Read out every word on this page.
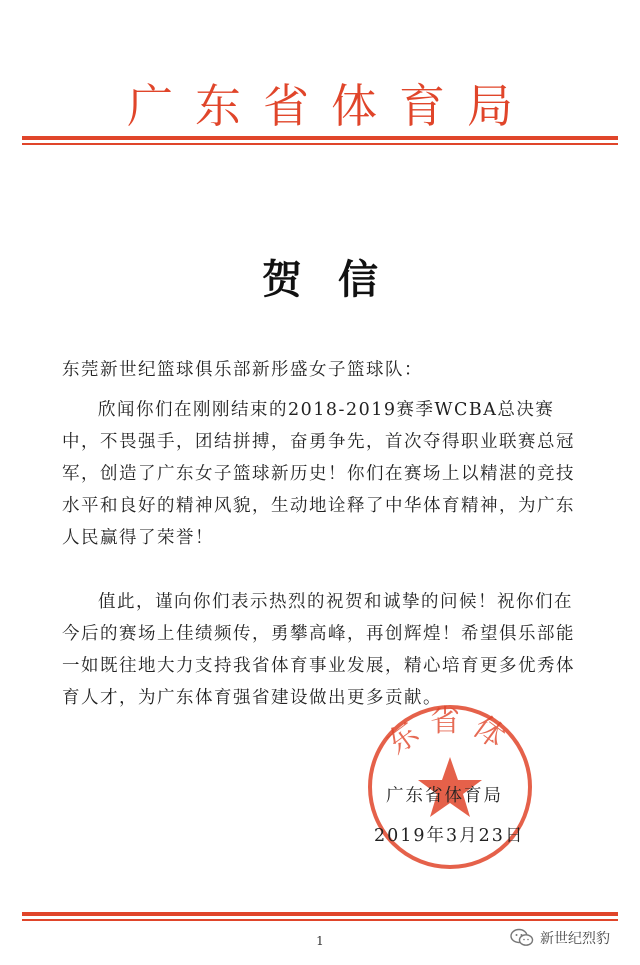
广东省体育局
贺信
东莞新世纪篮球俱乐部新彤盛女子篮球队：
欣闻你们在刚刚结束的2018-2019赛季WCBA总决赛中，不畏强手，团结拼搏，奋勇争先，首次夺得职业联赛总冠军，创造了广东女子篮球新历史！你们在赛场上以精湛的竞技水平和良好的精神风貌，生动地诠释了中华体育精神，为广东人民赢得了荣誉！
值此，谨向你们表示热烈的祝贺和诚挚的问候！祝你们在今后的赛场上佳绩频传，勇攀高峰，再创辉煌！希望俱乐部能一如既往地大力支持我省体育事业发展，精心培育更多优秀体育人才，为广东体育强省建设做出更多贡献。
东省体
广东省体育局
2019年3月23日
1	新世纪烈豹
